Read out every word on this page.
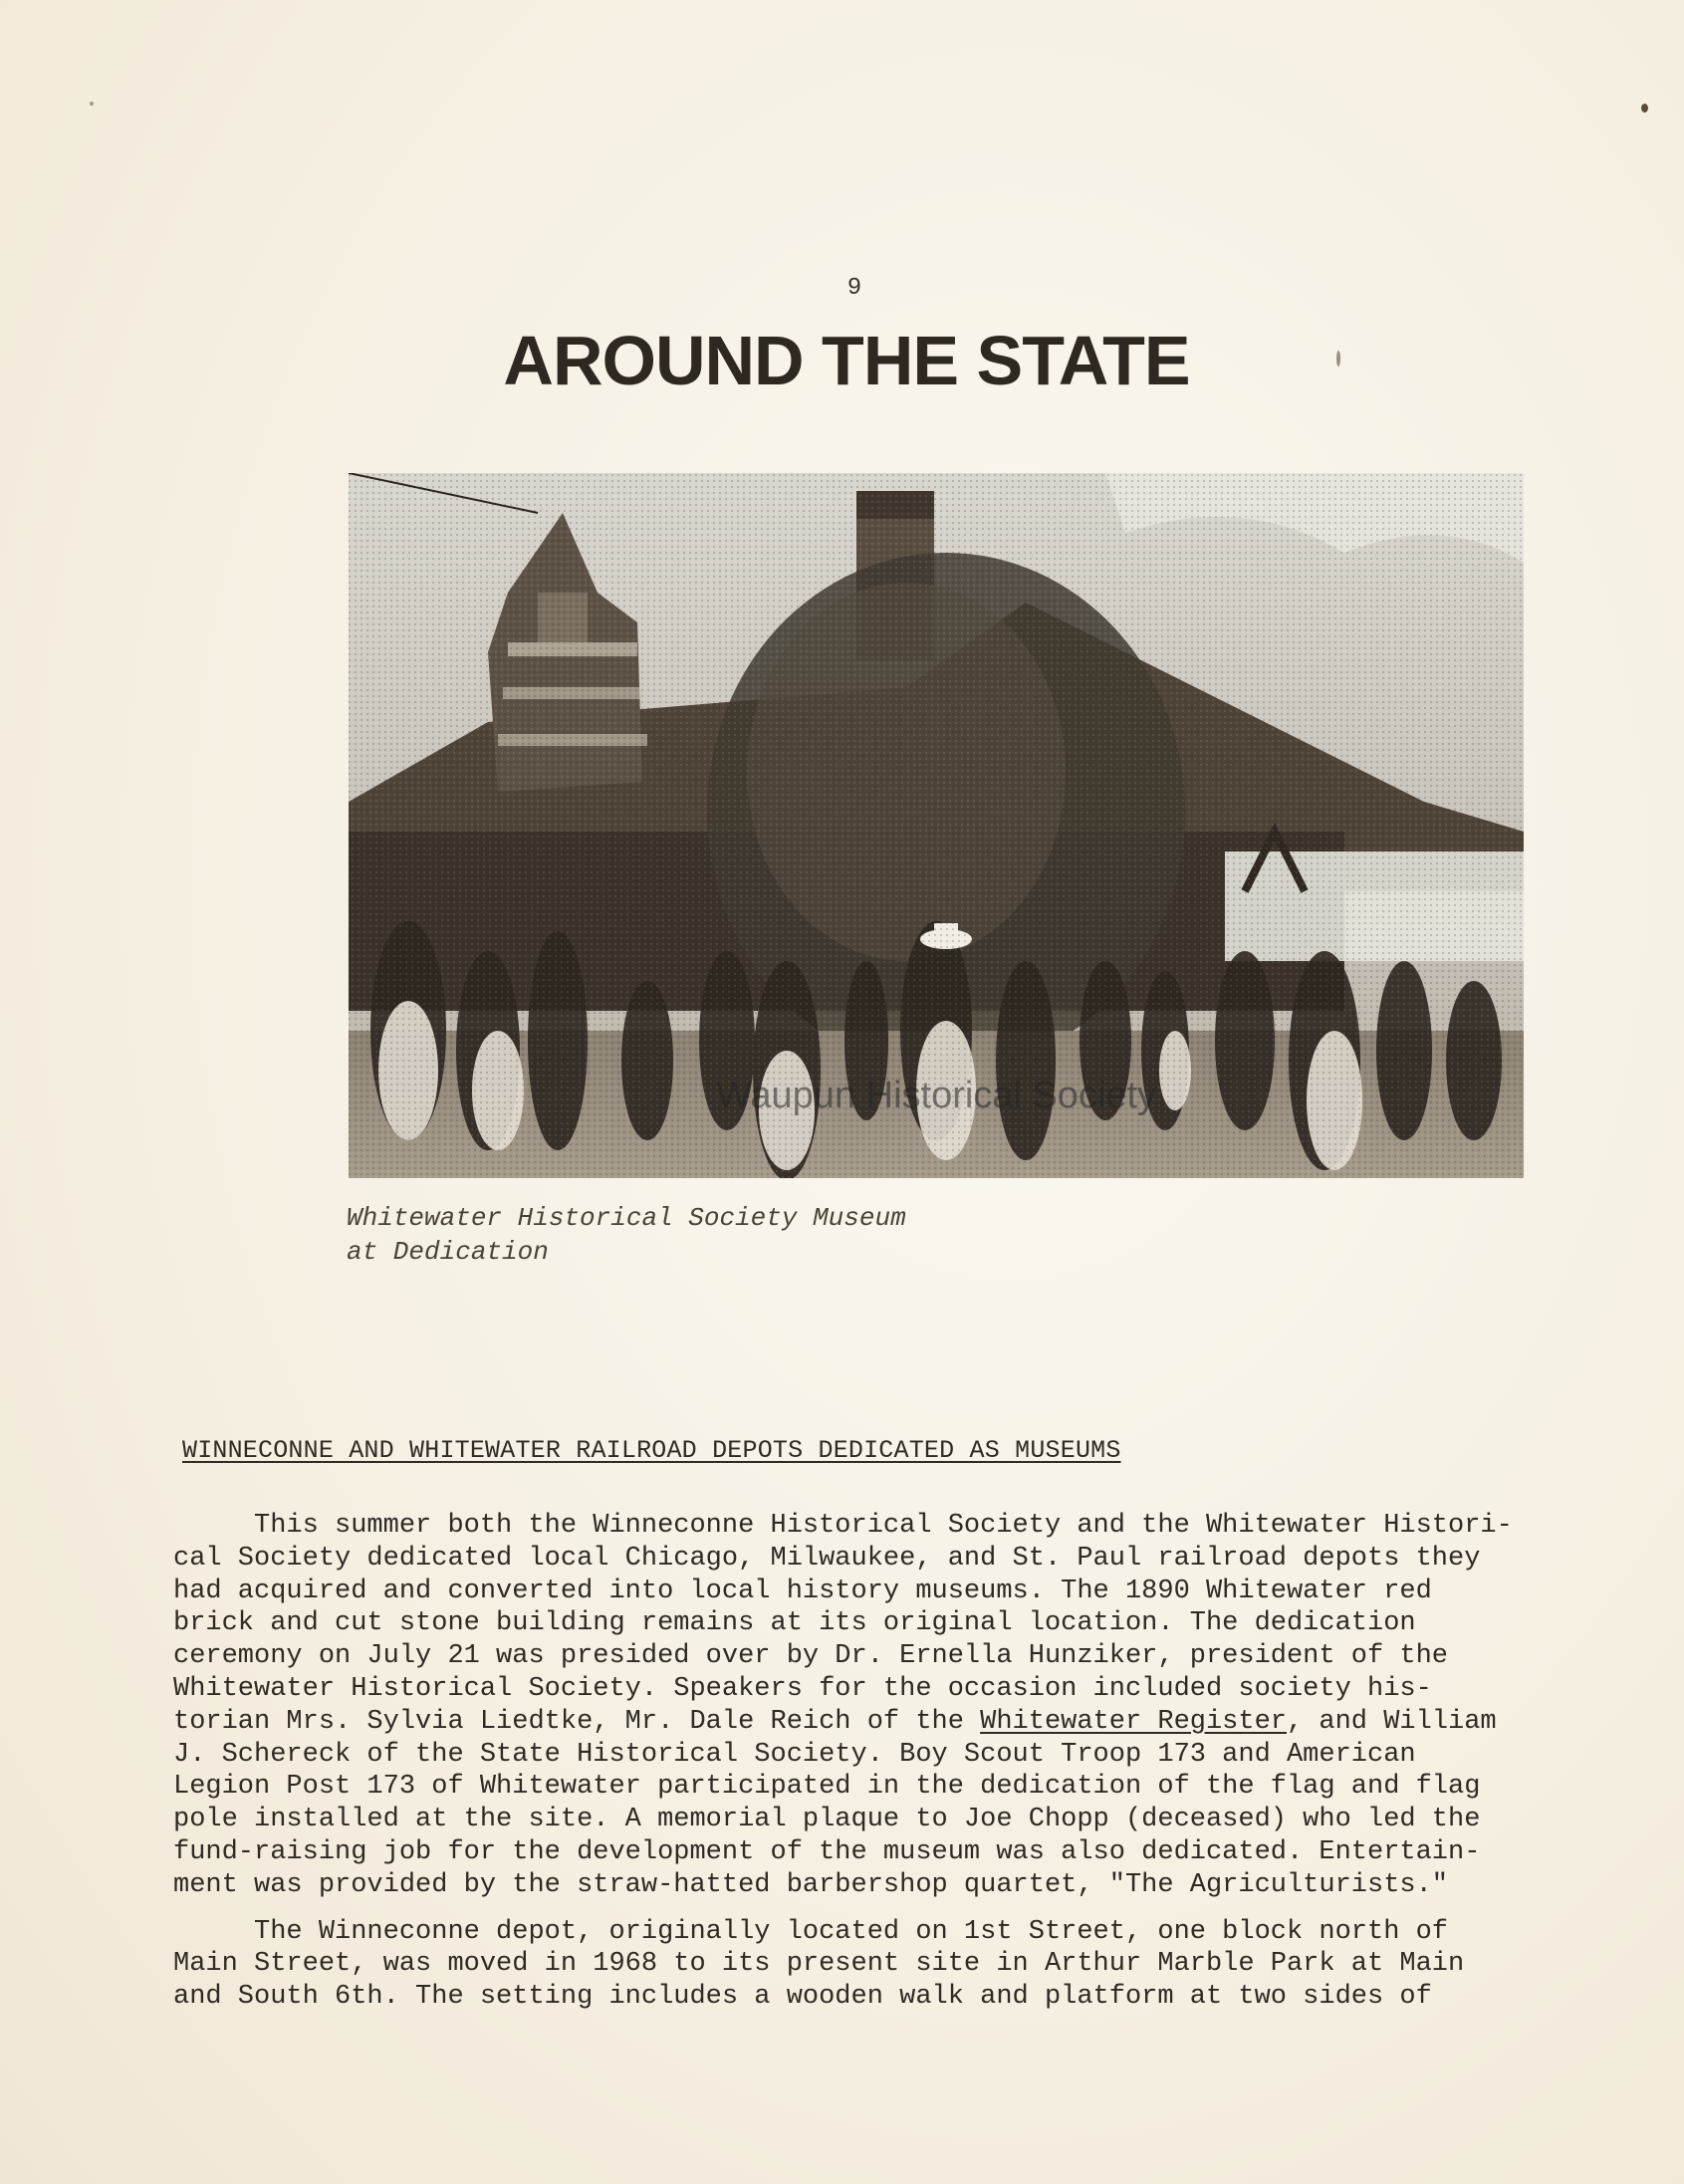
9
AROUND THE STATE
Waupun Historical Society
Whitewater Historical Society Museum
at Dedication
WINNECONNE AND WHITEWATER RAILROAD DEPOTS DEDICATED AS MUSEUMS
This summer both the Winneconne Historical Society and the Whitewater Histori-
cal Society dedicated local Chicago, Milwaukee, and St. Paul railroad depots they
had acquired and converted into local history museums. The 1890 Whitewater red
brick and cut stone building remains at its original location. The dedication
ceremony on July 21 was presided over by Dr. Ernella Hunziker, president of the
Whitewater Historical Society. Speakers for the occasion included society his-
torian Mrs. Sylvia Liedtke, Mr. Dale Reich of the Whitewater Register, and William
J. Schereck of the State Historical Society. Boy Scout Troop 173 and American
Legion Post 173 of Whitewater participated in the dedication of the flag and flag
pole installed at the site. A memorial plaque to Joe Chopp (deceased) who led the
fund-raising job for the development of the museum was also dedicated. Entertain-
ment was provided by the straw-hatted barbershop quartet, "The Agriculturists."
The Winneconne depot, originally located on 1st Street, one block north of
Main Street, was moved in 1968 to its present site in Arthur Marble Park at Main
and South 6th. The setting includes a wooden walk and platform at two sides of
